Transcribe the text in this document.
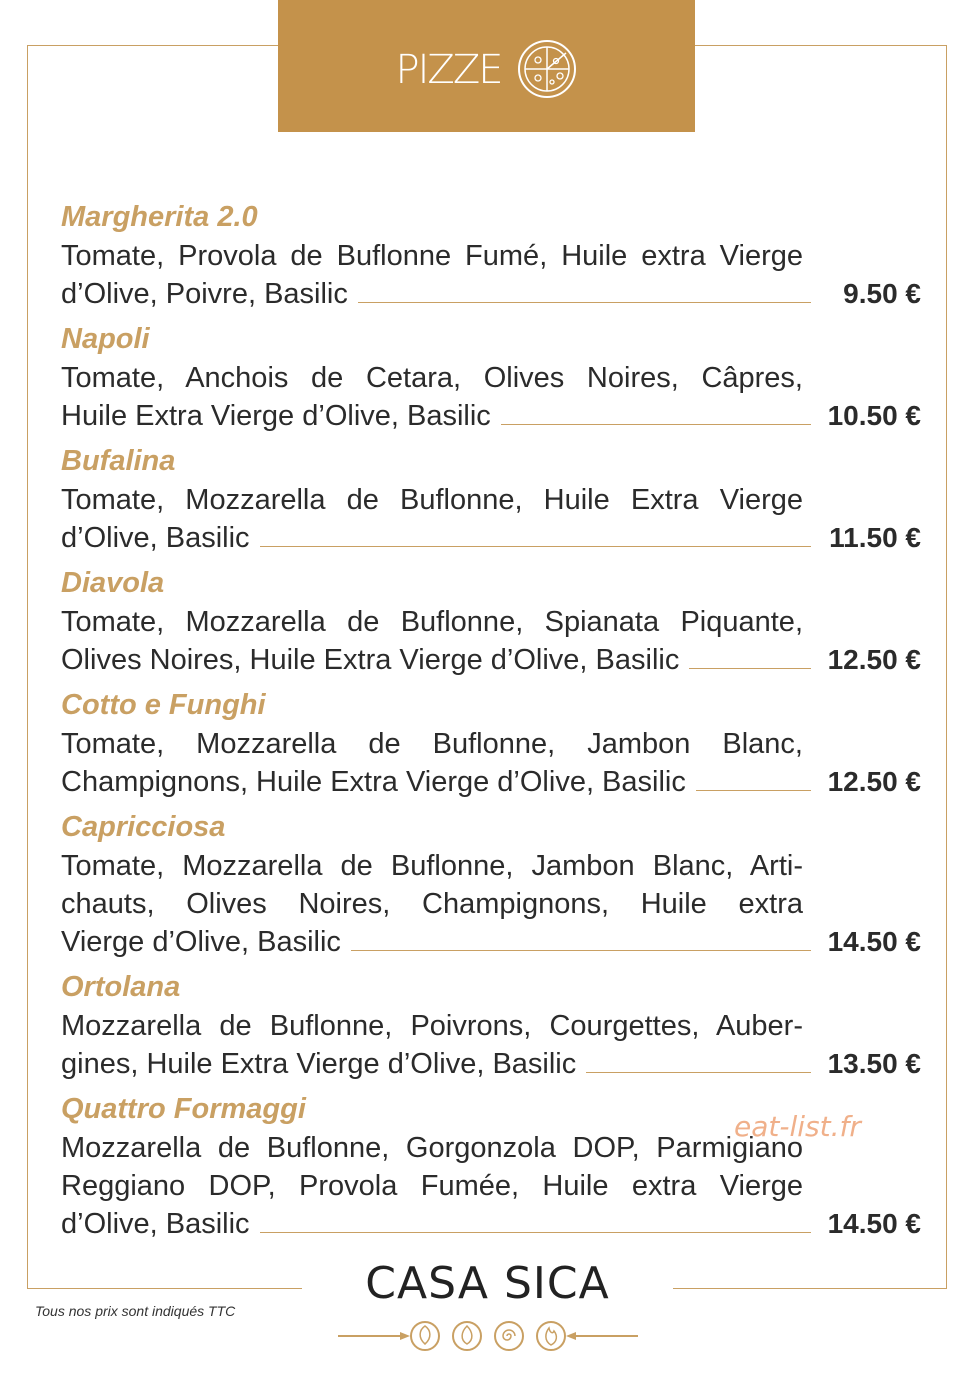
PIZZE
Margherita 2.0
Tomate, Provola de Buflonne Fumé, Huile extra Vierge
d’Olive, Poivre, Basilic	9.50 €
Napoli
Tomate, Anchois de Cetara, Olives Noires, Câpres,
Huile Extra Vierge d’Olive, Basilic	10.50 €
Bufalina
Tomate, Mozzarella de Buflonne, Huile Extra Vierge
d’Olive, Basilic	11.50 €
Diavola
Tomate, Mozzarella de Buflonne, Spianata Piquante,
Olives Noires, Huile Extra Vierge d’Olive, Basilic	12.50 €
Cotto e Funghi
Tomate, Mozzarella de Buflonne, Jambon Blanc,
Champignons, Huile Extra Vierge d’Olive, Basilic	12.50 €
Capricciosa
Tomate, Mozzarella de Buflonne, Jambon Blanc, Arti-
chauts, Olives Noires, Champignons, Huile extra
Vierge d’Olive, Basilic	14.50 €
Ortolana
Mozzarella de Buflonne, Poivrons, Courgettes, Auber-
gines, Huile Extra Vierge d’Olive, Basilic	13.50 €
Quattro Formaggi
Mozzarella de Buflonne, Gorgonzola DOP, Parmigiano
Reggiano DOP, Provola Fumée, Huile extra Vierge
d’Olive, Basilic	14.50 €
eat-list.fr
Tous nos prix sont indiqués TTC
CASA SICA
